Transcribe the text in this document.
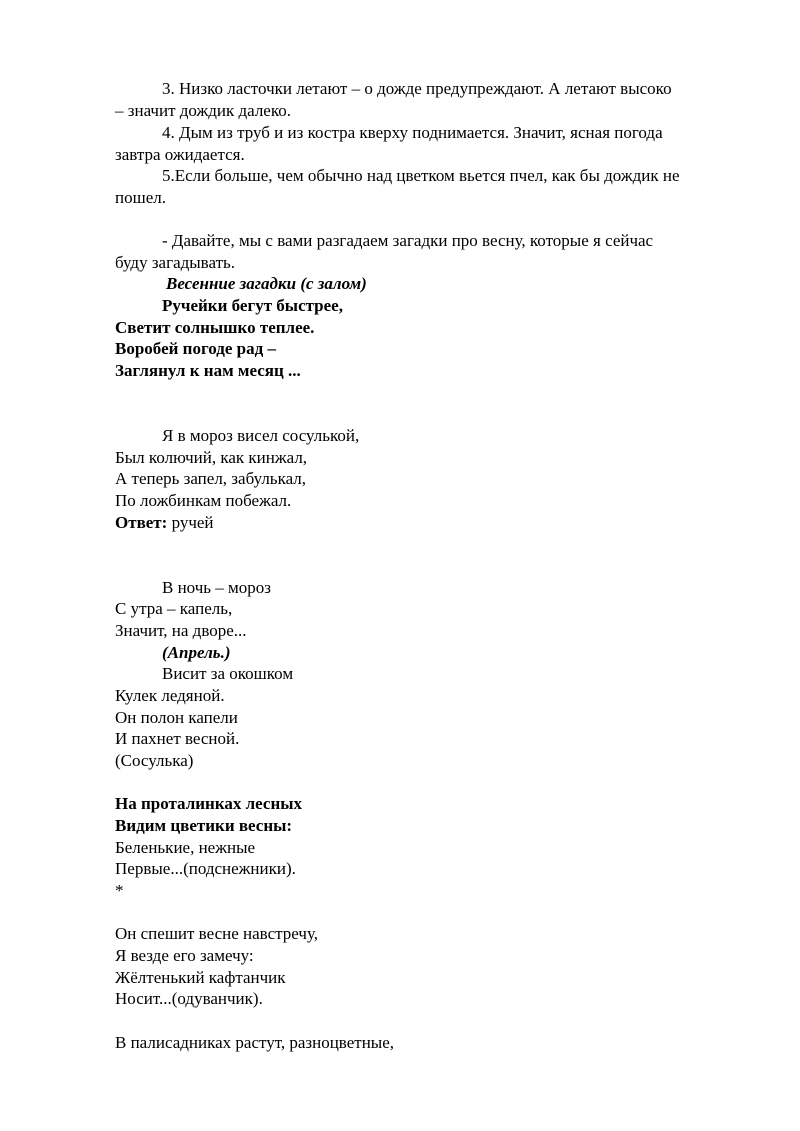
3. Низко ласточки летают – о дожде предупреждают. А летают высоко
– значит дождик далеко.
4. Дым из труб и из костра кверху поднимается. Значит, ясная погода
завтра ожидается.
5.Если больше, чем обычно над цветком вьется пчел, как бы дождик не
пошел.
- Давайте, мы с вами разгадаем загадки про весну, которые я сейчас
буду загадывать.
Весенние загадки (с залом)
Ручейки бегут быстрее,
Светит солнышко теплее.
Воробей погоде рад –
Заглянул к нам месяц ...
Я в мороз висел сосулькой,
Был колючий, как кинжал,
А теперь запел, забулькал,
По ложбинкам побежал.
Ответ: ручей
В ночь – мороз
С утра – капель,
Значит, на дворе...
(Апрель.)
Висит за окошком
Кулек ледяной.
Он полон капели
И пахнет весной.
(Сосулька)
На проталинках лесных
Видим цветики весны:
Беленькие, нежные
Первые...(подснежники).
*
Он спешит весне навстречу,
Я везде его замечу:
Жёлтенький кафтанчик
Носит...(одуванчик).
В палисадниках растут, разноцветные,
